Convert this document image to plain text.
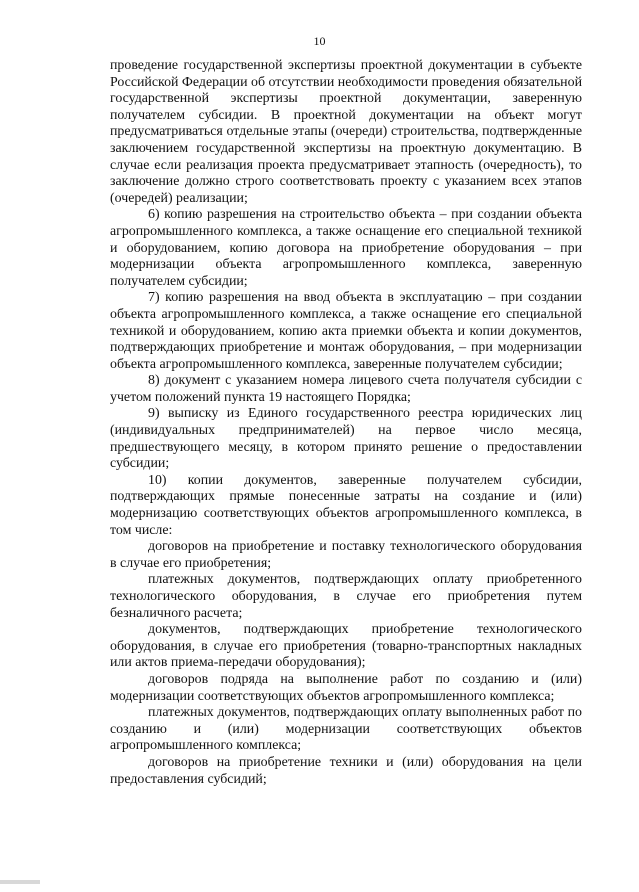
10

проведение государственной экспертизы проектной документации в субъекте Российской Федерации об отсутствии необходимости проведения обязательной государственной экспертизы проектной документации, заверенную получателем субсидии. В проектной документации на объект могут предусматриваться отдельные этапы (очереди) строительства, подтвержденные заключением государственной экспертизы на проектную документацию. В случае если реализация проекта предусматривает этапность (очередность), то заключение должно строго соответствовать проекту с указанием всех этапов (очередей) реализации;

6) копию разрешения на строительство объекта – при создании объекта агропромышленного комплекса, а также оснащение его специальной техникой и оборудованием, копию договора на приобретение оборудования – при модернизации объекта агропромышленного комплекса, заверенную получателем субсидии;

7) копию разрешения на ввод объекта в эксплуатацию – при создании объекта агропромышленного комплекса, а также оснащение его специальной техникой и оборудованием, копию акта приемки объекта и копии документов, подтверждающих приобретение и монтаж оборудования, – при модернизации объекта агропромышленного комплекса, заверенные получателем субсидии;

8) документ с указанием номера лицевого счета получателя субсидии с учетом положений пункта 19 настоящего Порядка;

9) выписку из Единого государственного реестра юридических лиц (индивидуальных предпринимателей) на первое число месяца, предшествующего месяцу, в котором принято решение о предоставлении субсидии;

10) копии документов, заверенные получателем субсидии, подтверждающих прямые понесенные затраты на создание и (или) модернизацию соответствующих объектов агропромышленного комплекса, в том числе:

договоров на приобретение и поставку технологического оборудования в случае его приобретения;

платежных документов, подтверждающих оплату приобретенного технологического оборудования, в случае его приобретения путем безналичного расчета;

документов, подтверждающих приобретение технологического оборудования, в случае его приобретения (товарно-транспортных накладных или актов приема-передачи оборудования);

договоров подряда на выполнение работ по созданию и (или) модернизации соответствующих объектов агропромышленного комплекса;

платежных документов, подтверждающих оплату выполненных работ по созданию и (или) модернизации соответствующих объектов агропромышленного комплекса;

договоров на приобретение техники и (или) оборудования на цели предоставления субсидий;
